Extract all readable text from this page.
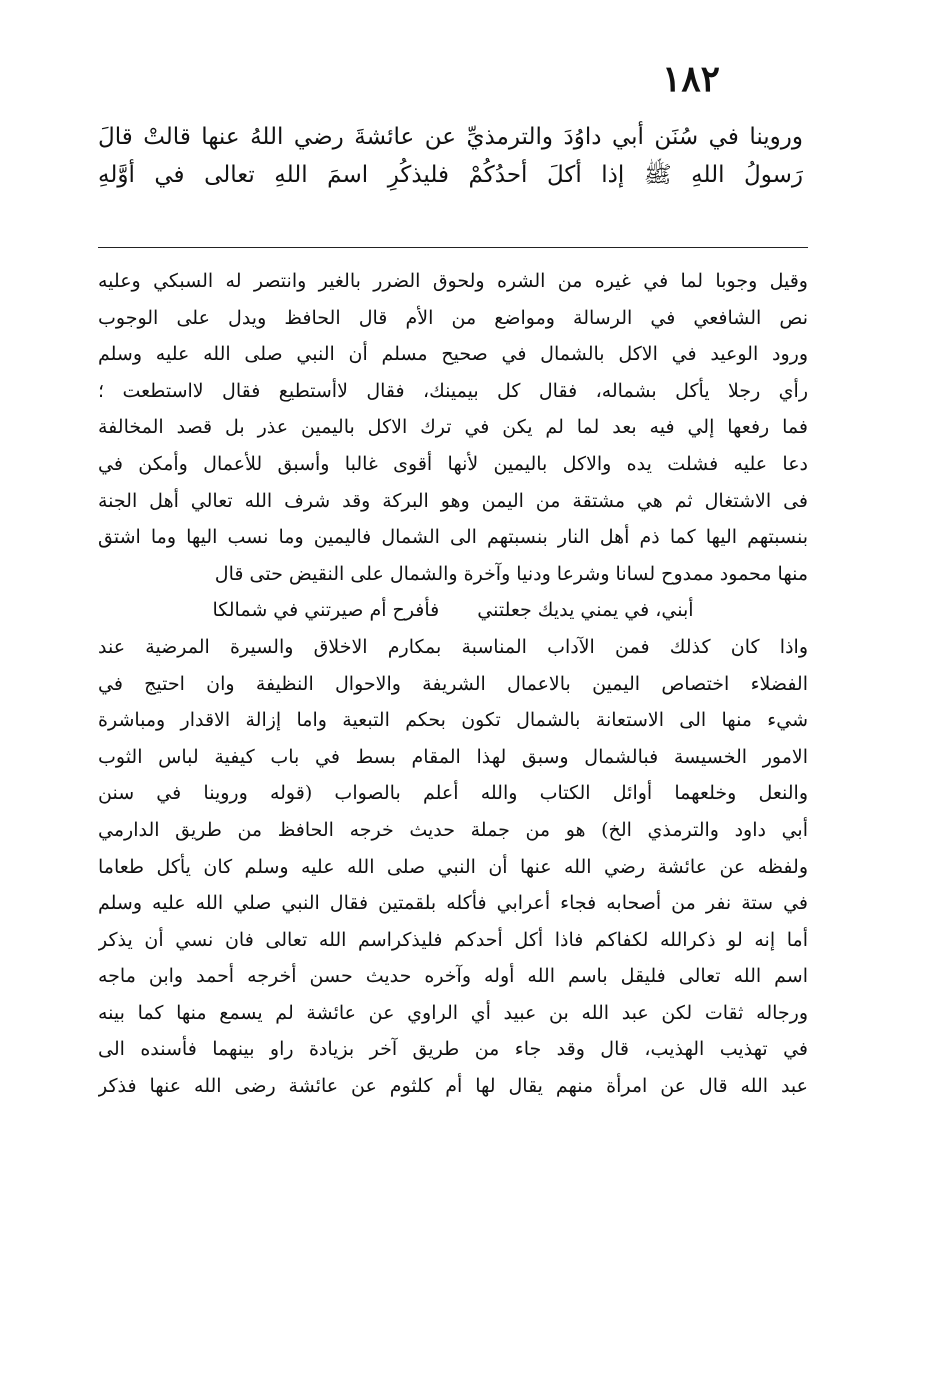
١٨٢
وروينا في سُنَن أبي داوُدَ والترمذيِّ عن عائشةَ رضي اللهُ عنها قالتْ قالَ
رَسولُ اللهِ ﷺ إذا أكلَ أحدُكُمْ فليذكُرِ اسمَ اللهِ تعالى في أوَّلهِ
وقيل وجوبا لما في غيره من الشره ولحوق الضرر بالغير وانتصر له السبكي وعليه
نص الشافعي في الرسالة ومواضع من الأم قال الحافظ ويدل على الوجوب
ورود الوعيد في الاكل بالشمال في صحيح مسلم أن النبي صلى الله عليه وسلم
رأي رجلا يأكل بشماله، فقال كل بيمينك، فقال لاأستطيع فقال لااستطعت ؛
فما رفعها إلي فيه بعد لما لم يكن في ترك الاكل باليمين عذر بل قصد المخالفة
دعا عليه فشلت يده والاكل باليمين لأنها أقوى غالبا وأسبق للأعمال وأمكن في
فى الاشتغال ثم هي مشتقة من اليمن وهو البركة وقد شرف الله تعالي أهل الجنة
بنسبتهم اليها كما ذم أهل النار بنسبتهم الى الشمال فاليمين وما نسب اليها وما اشتق
منها محمود ممدوح لسانا وشرعا ودنيا وآخرة والشمال على النقيض حتى قال
أبني، في يمني يديك جعلتني
فأفرح أم صيرتني في شمالكا
واذا كان كذلك فمن الآداب المناسبة بمكارم الاخلاق والسيرة المرضية عند
الفضلاء اختصاص اليمين بالاعمال الشريفة والاحوال النظيفة وان احتيج في
شيء منها الى الاستعانة بالشمال تكون بحكم التبعية واما إزالة الاقدار ومباشرة
الامور الخسيسة فبالشمال وسبق لهذا المقام بسط في باب كيفية لباس الثوب
والنعل وخلعهما أوائل الكتاب والله أعلم بالصواب (قوله وروينا في سنن
أبي داود والترمذي الخ) هو من جملة حديث خرجه الحافظ من طريق الدارمي
ولفظه عن عائشة رضي الله عنها أن النبي صلى الله عليه وسلم كان يأكل طعاما
في ستة نفر من أصحابه فجاء أعرابي فأكله بلقمتين فقال النبي صلي الله عليه وسلم
أما إنه لو ذكرالله لكفاكم فاذا أكل أحدكم فليذكراسم الله تعالى فان نسي أن يذكر
اسم الله تعالى فليقل باسم الله أوله وآخره حديث حسن أخرجه أحمد وابن ماجه
ورجاله ثقات لكن عبد الله بن عبيد أي الراوي عن عائشة لم يسمع منها كما بينه
في تهذيب الهذيب، قال وقد جاء من طريق آخر بزيادة راو بينهما فأسنده الى
عبد الله قال عن امرأة منهم يقال لها أم كلثوم عن عائشة رضى الله عنها فذكر
